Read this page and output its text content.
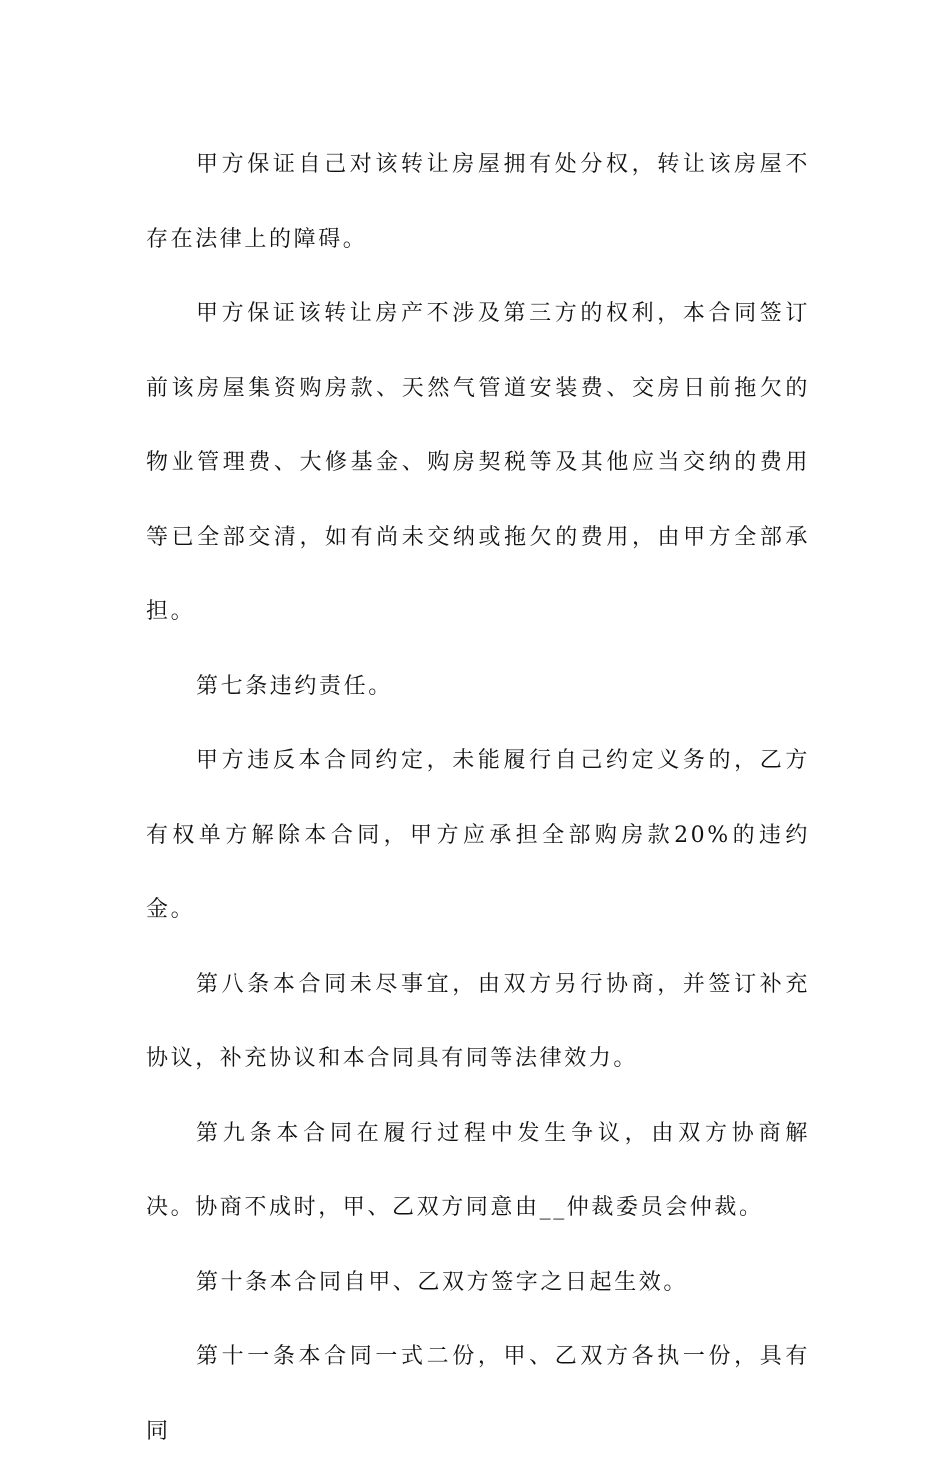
甲方保证自己对该转让房屋拥有处分权，转让该房屋不存在法律上的障碍。

甲方保证该转让房产不涉及第三方的权利，本合同签订前该房屋集资购房款、天然气管道安装费、交房日前拖欠的物业管理费、大修基金、购房契税等及其他应当交纳的费用等已全部交清，如有尚未交纳或拖欠的费用，由甲方全部承担。

第七条违约责任。

甲方违反本合同约定，未能履行自己约定义务的，乙方有权单方解除本合同，甲方应承担全部购房款20%的违约金。

第八条本合同未尽事宜，由双方另行协商，并签订补充协议，补充协议和本合同具有同等法律效力。

第九条本合同在履行过程中发生争议，由双方协商解决。协商不成时，甲、乙双方同意由__仲裁委员会仲裁。

第十条本合同自甲、乙双方签字之日起生效。

第十一条本合同一式二份，甲、乙双方各执一份，具有同
